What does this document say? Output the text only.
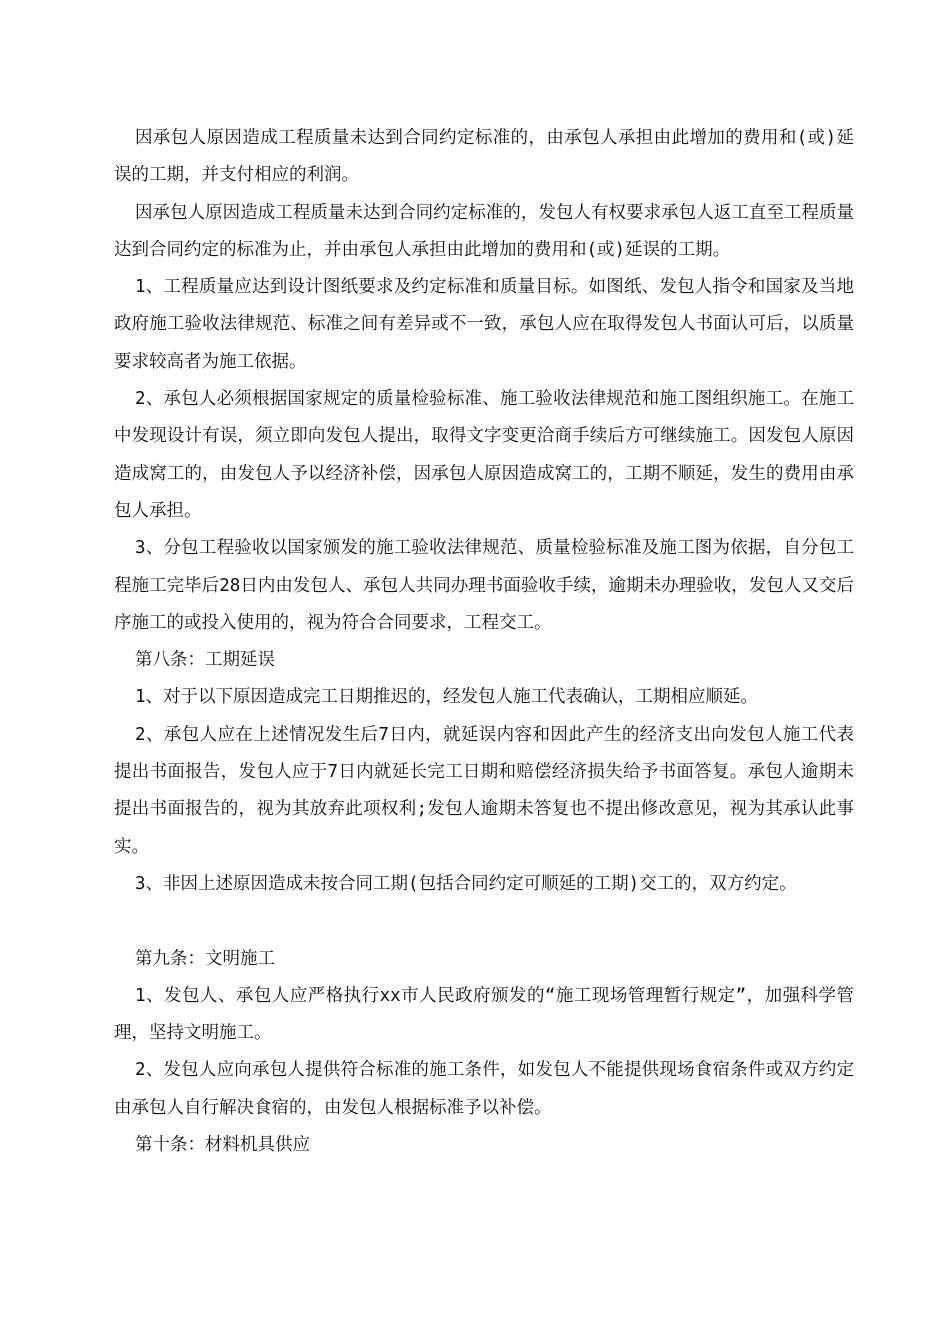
因承包人原因造成工程质量未达到合同约定标准的，由承包人承担由此增加的费用和(或)延误的工期，并支付相应的利润。

因承包人原因造成工程质量未达到合同约定标准的，发包人有权要求承包人返工直至工程质量达到合同约定的标准为止，并由承包人承担由此增加的费用和(或)延误的工期。

1、工程质量应达到设计图纸要求及约定标准和质量目标。如图纸、发包人指令和国家及当地政府施工验收法律规范、标准之间有差异或不一致，承包人应在取得发包人书面认可后，以质量要求较高者为施工依据。

2、承包人必须根据国家规定的质量检验标准、施工验收法律规范和施工图组织施工。在施工中发现设计有误，须立即向发包人提出，取得文字变更洽商手续后方可继续施工。因发包人原因造成窝工的，由发包人予以经济补偿，因承包人原因造成窝工的，工期不顺延，发生的费用由承包人承担。

3、分包工程验收以国家颁发的施工验收法律规范、质量检验标准及施工图为依据，自分包工程施工完毕后28日内由发包人、承包人共同办理书面验收手续，逾期未办理验收，发包人又交后序施工的或投入使用的，视为符合合同要求，工程交工。

第八条：工期延误

1、对于以下原因造成完工日期推迟的，经发包人施工代表确认，工期相应顺延。

2、承包人应在上述情况发生后7日内，就延误内容和因此产生的经济支出向发包人施工代表提出书面报告，发包人应于7日内就延长完工日期和赔偿经济损失给予书面答复。承包人逾期未提出书面报告的，视为其放弃此项权利;发包人逾期未答复也不提出修改意见，视为其承认此事实。

3、非因上述原因造成未按合同工期(包括合同约定可顺延的工期)交工的，双方约定。

第九条：文明施工

1、发包人、承包人应严格执行xx市人民政府颁发的“施工现场管理暂行规定”，加强科学管理，坚持文明施工。

2、发包人应向承包人提供符合标准的施工条件，如发包人不能提供现场食宿条件或双方约定由承包人自行解决食宿的，由发包人根据标准予以补偿。

第十条：材料机具供应
